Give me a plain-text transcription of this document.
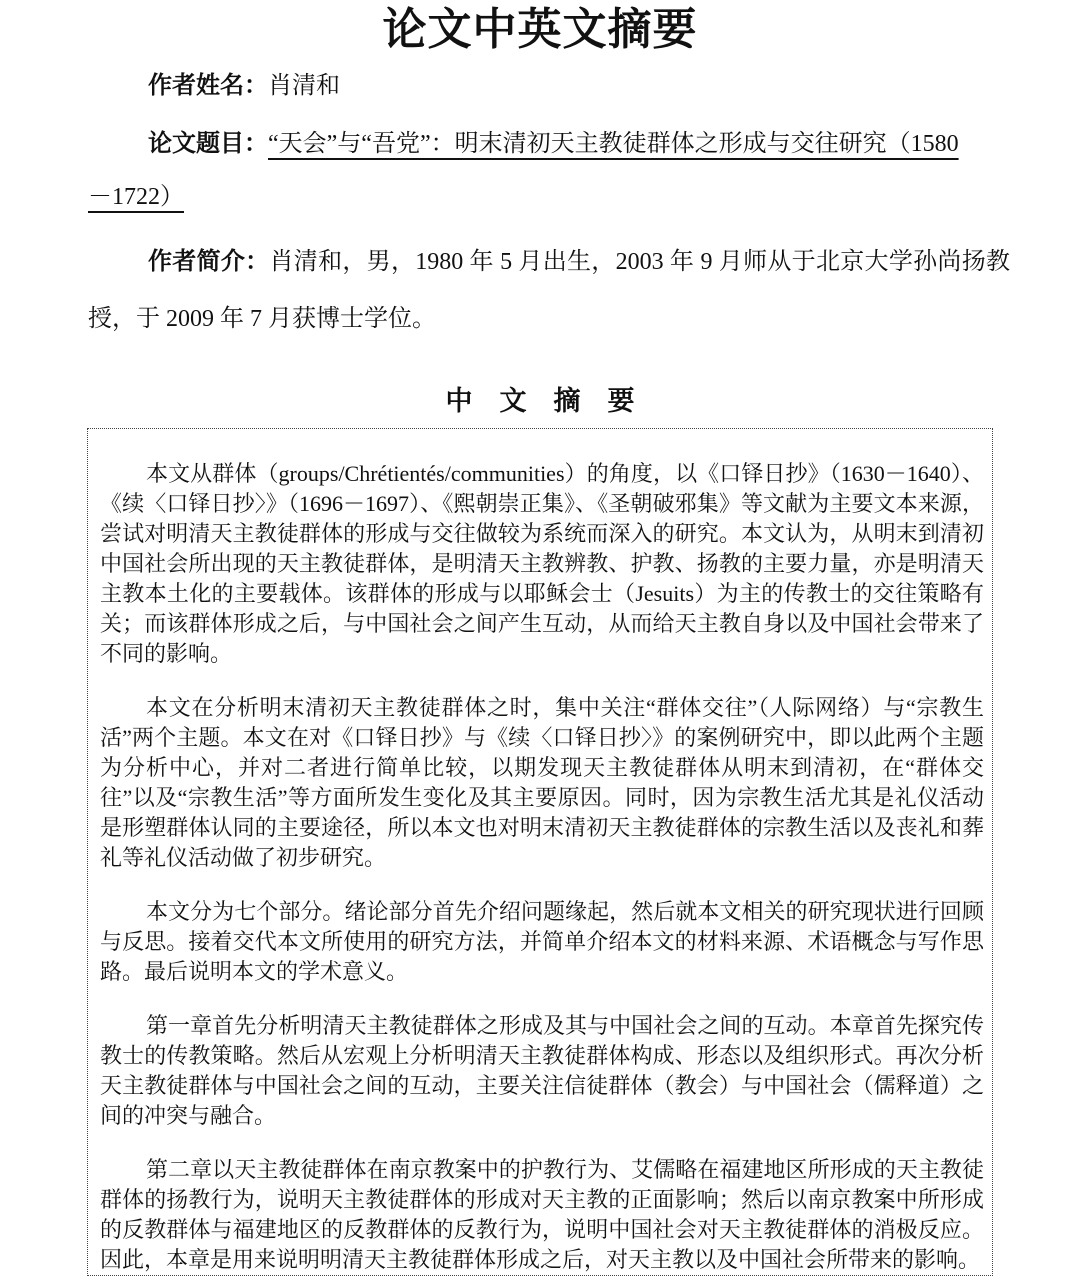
论文中英文摘要

作者姓名：肖清和

论文题目：“天会”与“吾党”：明末清初天主教徒群体之形成与交往研究（1580

－1722）

作者简介：肖清和，男，1980 年 5 月出生，2003 年 9 月师从于北京大学孙尚扬教授，于 2009 年 7 月获博士学位。

中　文　摘　要

本文从群体（groups/Chrétientés/communities）的角度，以《口铎日抄》（1630－1640）、《续〈口铎日抄〉》（1696－1697）、《熙朝崇正集》、《圣朝破邪集》等文献为主要文本来源，尝试对明清天主教徒群体的形成与交往做较为系统而深入的研究。本文认为，从明末到清初中国社会所出现的天主教徒群体，是明清天主教辨教、护教、扬教的主要力量，亦是明清天主教本土化的主要载体。该群体的形成与以耶稣会士（Jesuits）为主的传教士的交往策略有关；而该群体形成之后，与中国社会之间产生互动，从而给天主教自身以及中国社会带来了不同的影响。

本文在分析明末清初天主教徒群体之时，集中关注“群体交往”（人际网络）与“宗教生活”两个主题。本文在对《口铎日抄》与《续〈口铎日抄〉》的案例研究中，即以此两个主题为分析中心，并对二者进行简单比较，以期发现天主教徒群体从明末到清初，在“群体交往”以及“宗教生活”等方面所发生变化及其主要原因。同时，因为宗教生活尤其是礼仪活动是形塑群体认同的主要途径，所以本文也对明末清初天主教徒群体的宗教生活以及丧礼和葬礼等礼仪活动做了初步研究。

本文分为七个部分。绪论部分首先介绍问题缘起，然后就本文相关的研究现状进行回顾与反思。接着交代本文所使用的研究方法，并简单介绍本文的材料来源、术语概念与写作思路。最后说明本文的学术意义。

第一章首先分析明清天主教徒群体之形成及其与中国社会之间的互动。本章首先探究传教士的传教策略。然后从宏观上分析明清天主教徒群体构成、形态以及组织形式。再次分析天主教徒群体与中国社会之间的互动，主要关注信徒群体（教会）与中国社会（儒释道）之间的冲突与融合。

第二章以天主教徒群体在南京教案中的护教行为、艾儒略在福建地区所形成的天主教徒群体的扬教行为，说明天主教徒群体的形成对天主教的正面影响；然后以南京教案中所形成的反教群体与福建地区的反教群体的反教行为，说明中国社会对天主教徒群体的消极反应。因此，本章是用来说明明清天主教徒群体形成之后，对天主教以及中国社会所带来的影响。
